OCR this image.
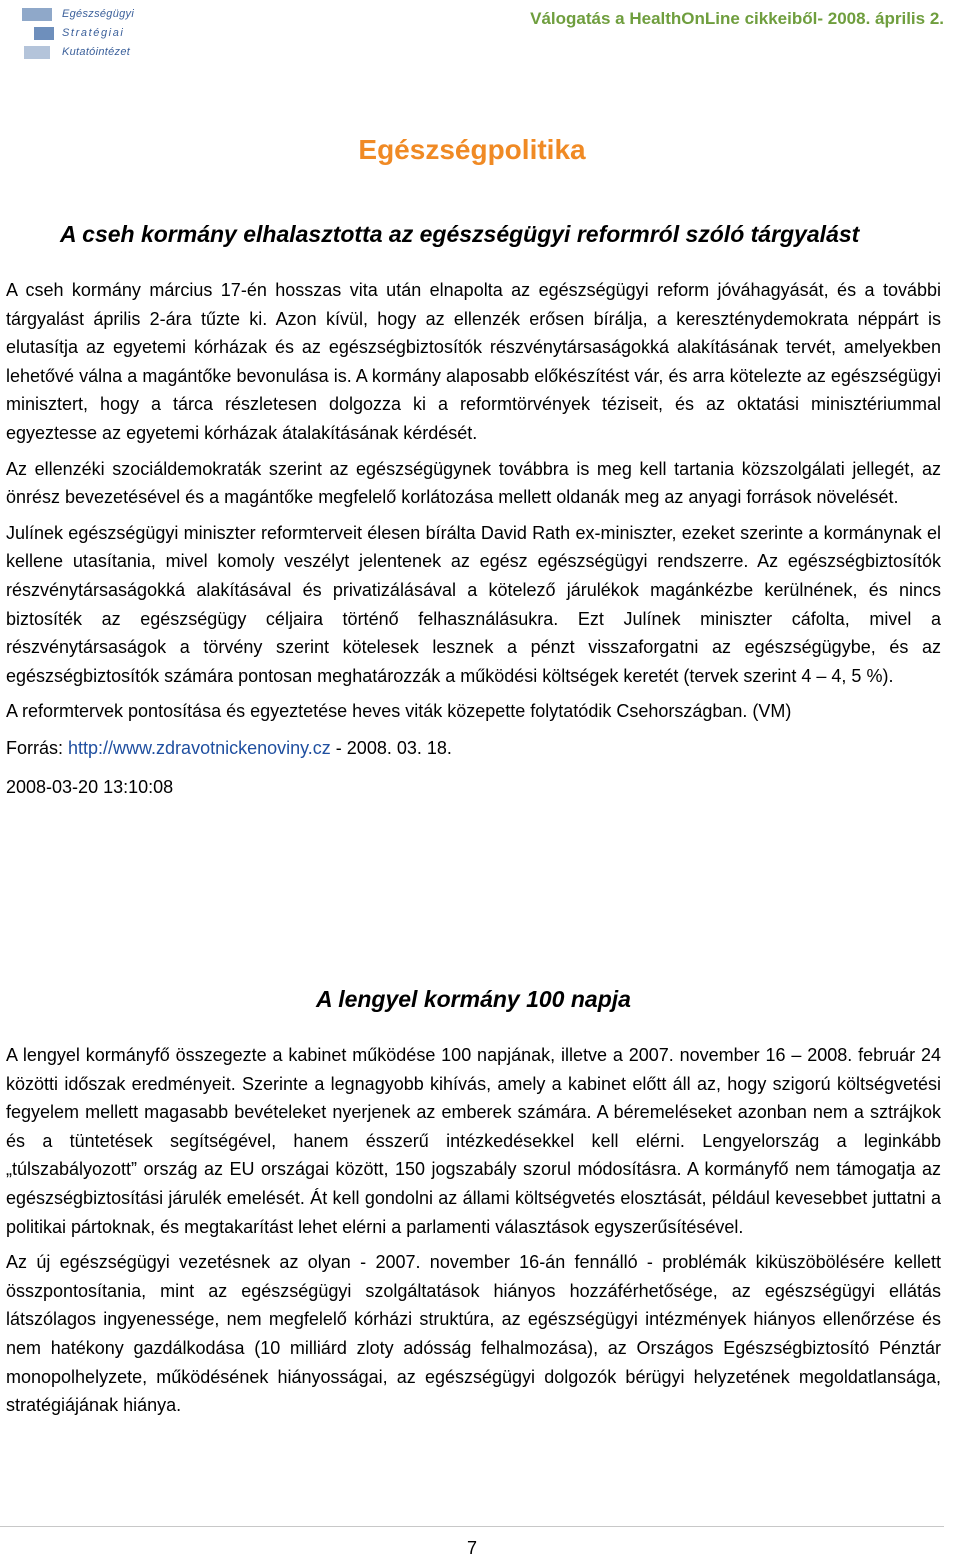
Egészségügyi
Stratégiai
Kutatóintézet
Válogatás a HealthOnLine cikkeiből- 2008. április 2.
Egészségpolitika
A cseh kormány elhalasztotta az egészségügyi reformról szóló tárgyalást

A cseh kormány március 17-én hosszas vita után elnapolta az egészségügyi reform jóváhagyását, és a további tárgyalást április 2-ára tűzte ki. Azon kívül, hogy az ellenzék erősen bírálja, a kereszténydemokrata néppárt is elutasítja az egyetemi kórházak és az egészségbiztosítók részvénytársaságokká alakításának tervét, amelyekben lehetővé válna a magántőke bevonulása is. A kormány alaposabb előkészítést vár, és arra kötelezte az egészségügyi minisztert, hogy a tárca részletesen dolgozza ki a reformtörvények téziseit, és az oktatási minisztériummal egyeztesse az egyetemi kórházak átalakításának kérdését.

Az ellenzéki szociáldemokraták szerint az egészségügynek továbbra is meg kell tartania közszolgálati jellegét, az önrész bevezetésével és a magántőke megfelelő korlátozása mellett oldanák meg az anyagi források növelését.

Julínek egészségügyi miniszter reformterveit élesen bírálta David Rath ex-miniszter, ezeket szerinte a kormánynak el kellene utasítania, mivel komoly veszélyt jelentenek az egész egészségügyi rendszerre. Az egészségbiztosítók részvénytársaságokká alakításával és privatizálásával a kötelező járulékok magánkézbe kerülnének, és nincs biztosíték az egészségügy céljaira történő felhasználásukra. Ezt Julínek miniszter cáfolta, mivel a részvénytársaságok a törvény szerint kötelesek lesznek a pénzt visszaforgatni az egészségügybe, és az egészségbiztosítók számára pontosan meghatározzák a működési költségek keretét (tervek szerint 4 – 4, 5 %).

A reformtervek pontosítása és egyeztetése heves viták közepette folytatódik Csehországban. (VM)

Forrás: http://www.zdravotnickenoviny.cz - 2008. 03. 18.

2008-03-20 13:10:08

A lengyel kormány 100 napja

A lengyel kormányfő összegezte a kabinet működése 100 napjának, illetve a 2007. november 16 – 2008. február 24 közötti időszak eredményeit. Szerinte a legnagyobb kihívás, amely a kabinet előtt áll az, hogy szigorú költségvetési fegyelem mellett magasabb bevételeket nyerjenek az emberek számára. A béremeléseket azonban nem a sztrájkok és a tüntetések segítségével, hanem ésszerű intézkedésekkel kell elérni. Lengyelország a leginkább „túlszabályozott” ország az EU országai között, 150 jogszabály szorul módosításra. A kormányfő nem támogatja az egészségbiztosítási járulék emelését. Át kell gondolni az állami költségvetés elosztását, például kevesebbet juttatni a politikai pártoknak, és megtakarítást lehet elérni a parlamenti választások egyszerűsítésével.

Az új egészségügyi vezetésnek az olyan - 2007. november 16-án fennálló - problémák kiküszöbölésére kellett összpontosítania, mint az egészségügyi szolgáltatások hiányos hozzáférhetősége, az egészségügyi ellátás látszólagos ingyenessége, nem megfelelő kórházi struktúra, az egészségügyi intézmények hiányos ellenőrzése és nem hatékony gazdálkodása (10 milliárd zloty adósság felhalmozása), az Országos Egészségbiztosító Pénztár monopolhelyzete, működésének hiányosságai, az egészségügyi dolgozók bérügyi helyzetének megoldatlansága, stratégiájának hiánya.

7
